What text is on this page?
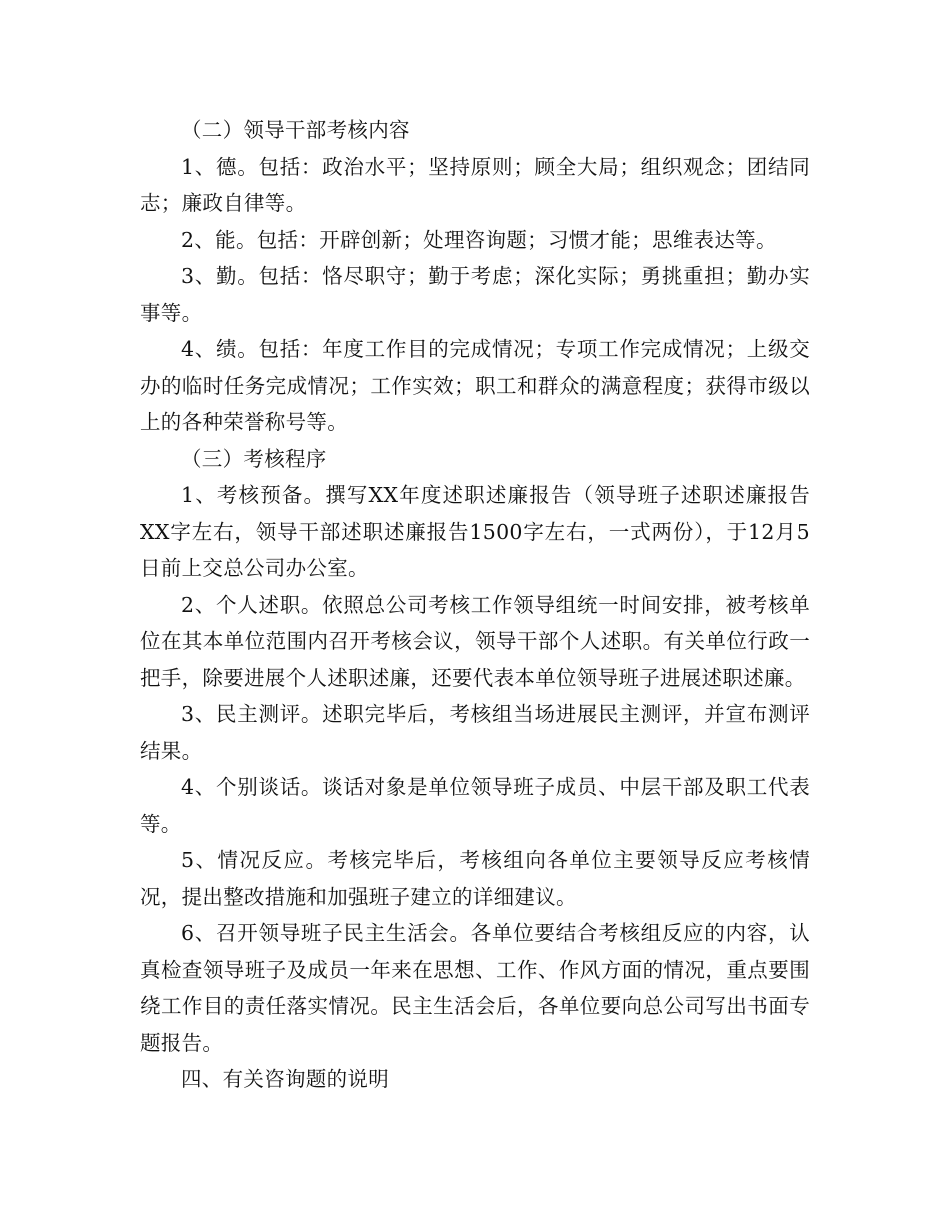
（二）领导干部考核内容

1、德。包括：政治水平；坚持原则；顾全大局；组织观念；团结同志；廉政自律等。

2、能。包括：开辟创新；处理咨询题；习惯才能；思维表达等。

3、勤。包括：恪尽职守；勤于考虑；深化实际；勇挑重担；勤办实事等。

4、绩。包括：年度工作目的完成情况；专项工作完成情况；上级交办的临时任务完成情况；工作实效；职工和群众的满意程度；获得市级以上的各种荣誉称号等。

（三）考核程序

1、考核预备。撰写XX年度述职述廉报告（领导班子述职述廉报告XX字左右，领导干部述职述廉报告1500字左右，一式两份），于12月5日前上交总公司办公室。

2、个人述职。依照总公司考核工作领导组统一时间安排，被考核单位在其本单位范围内召开考核会议，领导干部个人述职。有关单位行政一把手，除要进展个人述职述廉，还要代表本单位领导班子进展述职述廉。

3、民主测评。述职完毕后，考核组当场进展民主测评，并宣布测评结果。

4、个别谈话。谈话对象是单位领导班子成员、中层干部及职工代表等。

5、情况反应。考核完毕后，考核组向各单位主要领导反应考核情况，提出整改措施和加强班子建立的详细建议。

6、召开领导班子民主生活会。各单位要结合考核组反应的内容，认真检查领导班子及成员一年来在思想、工作、作风方面的情况，重点要围绕工作目的责任落实情况。民主生活会后，各单位要向总公司写出书面专题报告。

四、有关咨询题的说明
